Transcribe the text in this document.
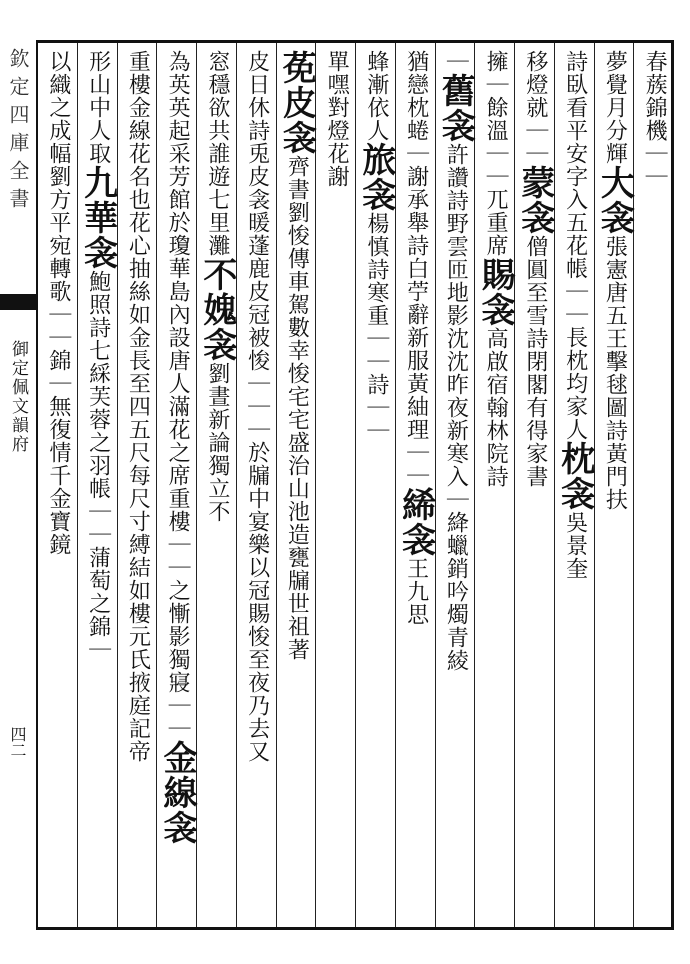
欽定四庫全書
御定佩文韻府
四二
春蔟錦機｜｜
夢覺月分輝大衾張憲唐五王擊毬圖詩黃門扶
詩臥看平安字入五花帳｜｜長枕均家人枕衾吳景奎
移燈就｜｜蒙衾僧圓至雪詩閉閣有得家書
擁｜餘溫｜｜兀重席賜衾高啟宿翰林院詩
｜舊衾許讚詩野雲匝地影沈沈昨夜新寒入｜絳蠟銷吟燭青綾
猶戀枕蜷｜謝承舉詩白苧辭新服黃紬理｜｜絺衾王九思
蜂漸依人旅衾楊慎詩寒重｜｜詩｜｜
單嘿對燈花謝
莬皮衾齊書劉悛傳車駕數幸悛宅宅盛治山池造甕牖世祖著
皮日休詩兎皮衾暖蓬鹿皮冠被悛｜｜｜於牖中宴樂以冠賜悛至夜乃去又
窓穩欲共誰遊七里灘不媿衾劉晝新論獨立不
為英英起采芳館於瓊華島內設唐人滿花之席重樓｜｜之慚影獨寢｜｜金線衾
重樓金線花名也花心抽絲如金長至四五尺每尺寸縛結如樓元氏掖庭記帝
形山中人取九華衾鮑照詩七綵芙蓉之羽帳｜｜蒲萄之錦｜
以織之成幅劉方平宛轉歌｜｜錦｜無復情千金寶鏡
